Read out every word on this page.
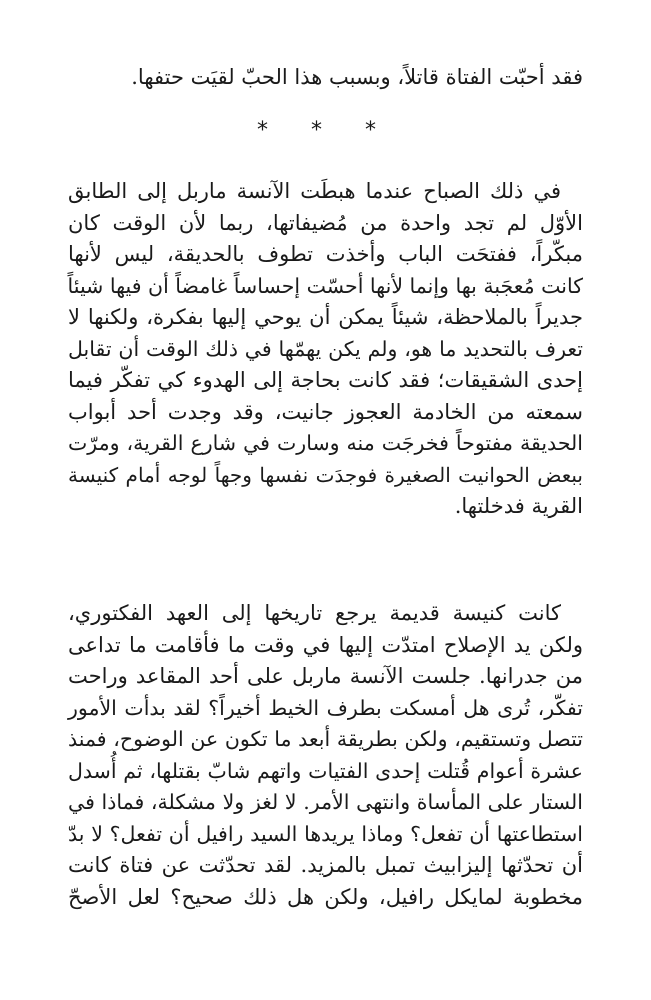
فقد أحبّت الفتاة قاتلاً، وبسبب هذا الحبّ لقيَت حتفها.
* * *
في ذلك الصباح عندما هبطَت الآنسة ماربل إلى الطابق
الأوّل لم تجد واحدة من مُضيفاتها، ربما لأن الوقت كان
مبكّراً، ففتحَت الباب وأخذت تطوف بالحديقة، ليس لأنها
كانت مُعجَبة بها وإنما لأنها أحسّت إحساساً غامضاً أن فيها شيئاً
جديراً بالملاحظة، شيئاً يمكن أن يوحي إليها بفكرة، ولكنها لا
تعرف بالتحديد ما هو، ولم يكن يهمّها في ذلك الوقت أن تقابل
إحدى الشقيقات؛ فقد كانت بحاجة إلى الهدوء كي تفكّر فيما
سمعته من الخادمة العجوز جانيت، وقد وجدت أحد أبواب
الحديقة مفتوحاً فخرجَت منه وسارت في شارع القرية، ومرّت
ببعض الحوانيت الصغيرة فوجدَت نفسها وجهاً لوجه أمام كنيسة
القرية فدخلتها.
كانت كنيسة قديمة يرجع تاريخها إلى العهد الفكتوري،
ولكن يد الإصلاح امتدّت إليها في وقت ما فأقامت ما تداعى
من جدرانها. جلست الآنسة ماربل على أحد المقاعد وراحت
تفكّر، تُرى هل أمسكت بطرف الخيط أخيراً؟ لقد بدأت الأمور
تتصل وتستقيم، ولكن بطريقة أبعد ما تكون عن الوضوح، فمنذ
عشرة أعوام قُتلت إحدى الفتيات واتهم شابّ بقتلها، ثم أُسدل
الستار على المأساة وانتهى الأمر. لا لغز ولا مشكلة، فماذا في
استطاعتها أن تفعل؟ وماذا يريدها السيد رافيل أن تفعل؟ لا بدّ
أن تحدّثها إليزابيث تمبل بالمزيد. لقد تحدّثت عن فتاة كانت
مخطوبة لمايكل رافيل، ولكن هل ذلك صحيح؟ لعل الأصحّ
